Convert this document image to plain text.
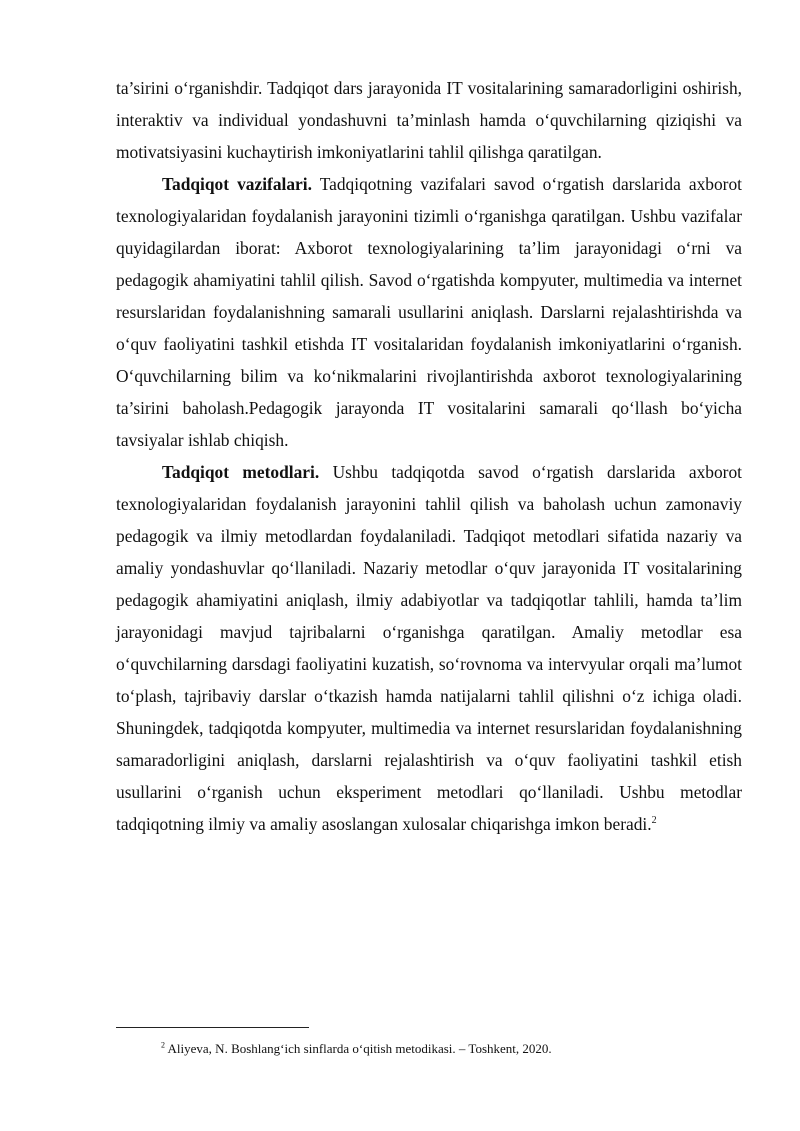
ta’sirini o‘rganishdir. Tadqiqot dars jarayonida IT vositalarining samaradorligini oshirish, interaktiv va individual yondashuvni ta’minlash hamda o‘quvchilarning qiziqishi va motivatsiyasini kuchaytirish imkoniyatlarini tahlil qilishga qaratilgan.

Tadqiqot vazifalari. Tadqiqotning vazifalari savod o‘rgatish darslarida axborot texnologiyalaridan foydalanish jarayonini tizimli o‘rganishga qaratilgan. Ushbu vazifalar quyidagilardan iborat: Axborot texnologiyalarining ta’lim jarayonidagi o‘rni va pedagogik ahamiyatini tahlil qilish. Savod o‘rgatishda kompyuter, multimedia va internet resurslaridan foydalanishning samarali usullarini aniqlash. Darslarni rejalashtirishda va o‘quv faoliyatini tashkil etishda IT vositalaridan foydalanish imkoniyatlarini o‘rganish. O‘quvchilarning bilim va ko‘nikmalarini rivojlantirishda axborot texnologiyalarining ta’sirini baholash.Pedagogik jarayonda IT vositalarini samarali qo‘llash bo‘yicha tavsiyalar ishlab chiqish.

Tadqiqot metodlari. Ushbu tadqiqotda savod o‘rgatish darslarida axborot texnologiyalaridan foydalanish jarayonini tahlil qilish va baholash uchun zamonaviy pedagogik va ilmiy metodlardan foydalaniladi. Tadqiqot metodlari sifatida nazariy va amaliy yondashuvlar qo‘llaniladi. Nazariy metodlar o‘quv jarayonida IT vositalarining pedagogik ahamiyatini aniqlash, ilmiy adabiyotlar va tadqiqotlar tahlili, hamda ta’lim jarayonidagi mavjud tajribalarni o‘rganishga qaratilgan. Amaliy metodlar esa o‘quvchilarning darsdagi faoliyatini kuzatish, so‘rovnoma va intervyular orqali ma’lumot to‘plash, tajribaviy darslar o‘tkazish hamda natijalarni tahlil qilishni o‘z ichiga oladi. Shuningdek, tadqiqotda kompyuter, multimedia va internet resurslaridan foydalanishning samaradorligini aniqlash, darslarni rejalashtirish va o‘quv faoliyatini tashkil etish usullarini o‘rganish uchun eksperiment metodlari qo‘llaniladi. Ushbu metodlar tadqiqotning ilmiy va amaliy asoslangan xulosalar chiqarishga imkon beradi.$^2$

$^2$ Aliyeva, N. Boshlang‘ich sinflarda o‘qitish metodikasi. – Toshkent, 2020.
